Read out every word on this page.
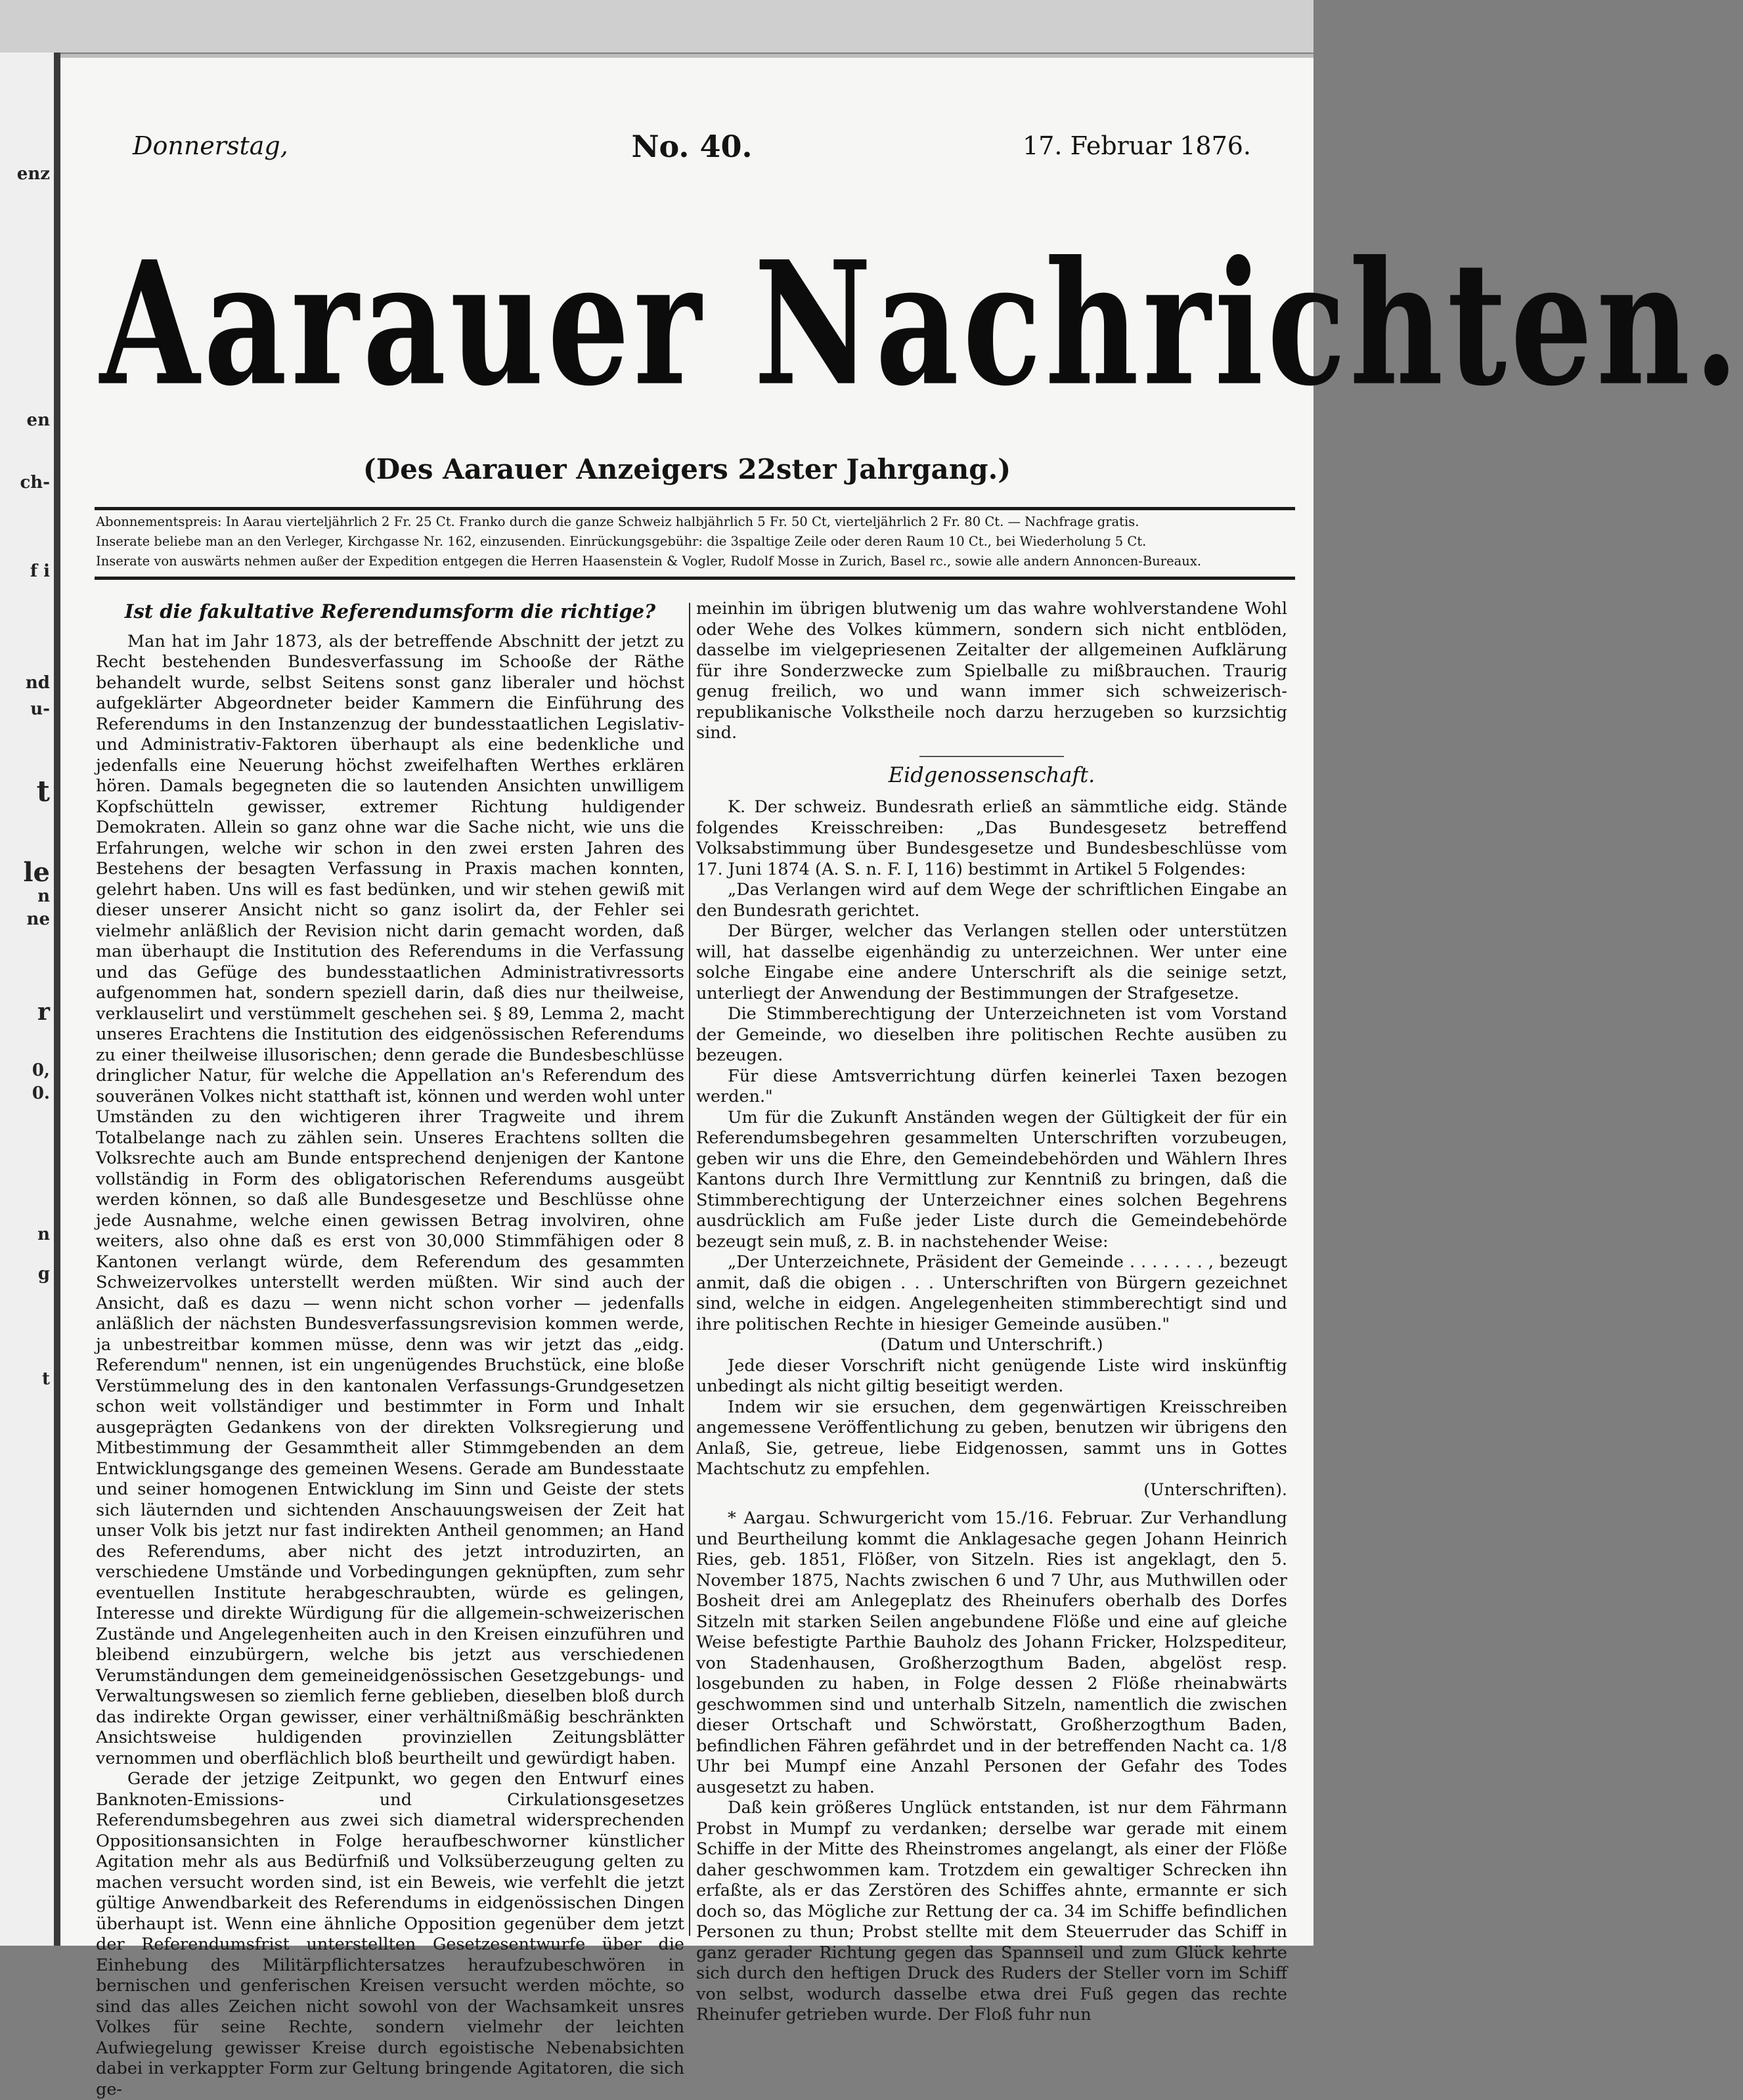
enz
en
ch-
f i
nd
u-
t
le
n
ne
r
0,
0.
n
g
t
Donnerstag,	No. 40.	17. Februar 1876.
Aarauer Nachrichten.
(Des Aarauer Anzeigers 22ster Jahrgang.)
Abonnementspreis: In Aarau vierteljährlich 2 Fr. 25 Ct. Franko durch die ganze Schweiz halbjährlich 5 Fr. 50 Ct, vierteljährlich 2 Fr. 80 Ct. — Nachfrage gratis.
Inserate beliebe man an den Verleger, Kirchgasse Nr. 162, einzusenden. Einrückungsgebühr: die 3spaltige Zeile oder deren Raum 10 Ct., bei Wiederholung 5 Ct.
Inserate von auswärts nehmen außer der Expedition entgegen die Herren Haasenstein & Vogler, Rudolf Mosse in Zurich, Basel rc., sowie alle andern Annoncen-Bureaux.
Ist die fakultative Referendumsform die richtige?

Man hat im Jahr 1873, als der betreffende Abschnitt der jetzt zu Recht bestehenden Bundesverfassung im Schooße der Räthe behandelt wurde, selbst Seitens sonst ganz liberaler und höchst aufgeklärter Abgeordneter beider Kammern die Einführung des Referendums in den Instanzenzug der bundesstaatlichen Legislativ- und Administrativ-Faktoren überhaupt als eine bedenkliche und jedenfalls eine Neuerung höchst zweifelhaften Werthes erklären hören. Damals begegneten die so lautenden Ansichten unwilligem Kopfschütteln gewisser, extremer Richtung huldigender Demokraten. Allein so ganz ohne war die Sache nicht, wie uns die Erfahrungen, welche wir schon in den zwei ersten Jahren des Bestehens der besagten Verfassung in Praxis machen konnten, gelehrt haben. Uns will es fast bedünken, und wir stehen gewiß mit dieser unserer Ansicht nicht so ganz isolirt da, der Fehler sei vielmehr anläßlich der Revision nicht darin gemacht worden, daß man überhaupt die Institution des Referendums in die Verfassung und das Gefüge des bundesstaatlichen Administrativressorts aufgenommen hat, sondern speziell darin, daß dies nur theilweise, verklauselirt und verstümmelt geschehen sei. § 89, Lemma 2, macht unseres Erachtens die Institution des eidgenössischen Referendums zu einer theilweise illusorischen; denn gerade die Bundesbeschlüsse dringlicher Natur, für welche die Appellation an's Referendum des souveränen Volkes nicht statthaft ist, können und werden wohl unter Umständen zu den wichtigeren ihrer Tragweite und ihrem Totalbelange nach zu zählen sein. Unseres Erachtens sollten die Volksrechte auch am Bunde entsprechend denjenigen der Kantone vollständig in Form des obligatorischen Referendums ausgeübt werden können, so daß alle Bundesgesetze und Beschlüsse ohne jede Ausnahme, welche einen gewissen Betrag involviren, ohne weiters, also ohne daß es erst von 30,000 Stimmfähigen oder 8 Kantonen verlangt würde, dem Referendum des gesammten Schweizervolkes unterstellt werden müßten. Wir sind auch der Ansicht, daß es dazu — wenn nicht schon vorher — jedenfalls anläßlich der nächsten Bundesverfassungsrevision kommen werde, ja unbestreitbar kommen müsse, denn was wir jetzt das „eidg. Referendum" nennen, ist ein ungenügendes Bruchstück, eine bloße Verstümmelung des in den kantonalen Verfassungs-Grundgesetzen schon weit vollständiger und bestimmter in Form und Inhalt ausgeprägten Gedankens von der direkten Volksregierung und Mitbestimmung der Gesammtheit aller Stimmgebenden an dem Entwicklungsgange des gemeinen Wesens. Gerade am Bundesstaate und seiner homogenen Entwicklung im Sinn und Geiste der stets sich läuternden und sichtenden Anschauungsweisen der Zeit hat unser Volk bis jetzt nur fast indirekten Antheil genommen; an Hand des Referendums, aber nicht des jetzt introduzirten, an verschiedene Umstände und Vorbedingungen geknüpften, zum sehr eventuellen Institute herabgeschraubten, würde es gelingen, Interesse und direkte Würdigung für die allgemein-schweizerischen Zustände und Angelegenheiten auch in den Kreisen einzuführen und bleibend einzubürgern, welche bis jetzt aus verschiedenen Verumständungen dem gemeineidgenössischen Gesetzgebungs- und Verwaltungswesen so ziemlich ferne geblieben, dieselben bloß durch das indirekte Organ gewisser, einer verhältnißmäßig beschränkten Ansichtsweise huldigenden provinziellen Zeitungsblätter vernommen und oberflächlich bloß beurtheilt und gewürdigt haben.

Gerade der jetzige Zeitpunkt, wo gegen den Entwurf eines Banknoten-Emissions- und Cirkulationsgesetzes Referendumsbegehren aus zwei sich diametral widersprechenden Oppositionsansichten in Folge heraufbeschworner künstlicher Agitation mehr als aus Bedürfniß und Volksüberzeugung gelten zu machen versucht worden sind, ist ein Beweis, wie verfehlt die jetzt gültige Anwendbarkeit des Referendums in eidgenössischen Dingen überhaupt ist. Wenn eine ähnliche Opposition gegenüber dem jetzt der Referendumsfrist unterstellten Gesetzesentwurfe über die Einhebung des Militärpflichtersatzes heraufzubeschwören in bernischen und genferischen Kreisen versucht werden möchte, so sind das alles Zeichen nicht sowohl von der Wachsamkeit unsres Volkes für seine Rechte, sondern vielmehr der leichten Aufwiegelung gewisser Kreise durch egoistische Nebenabsichten dabei in verkappter Form zur Geltung bringende Agitatoren, die sich ge-

meinhin im übrigen blutwenig um das wahre wohlverstandene Wohl oder Wehe des Volkes kümmern, sondern sich nicht entblöden, dasselbe im vielgepriesenen Zeitalter der allgemeinen Aufklärung für ihre Sonderzwecke zum Spielballe zu mißbrauchen. Traurig genug freilich, wo und wann immer sich schweizerisch-republikanische Volkstheile noch darzu herzugeben so kurzsichtig sind.

Eidgenossenschaft.

K. Der schweiz. Bundesrath erließ an sämmtliche eidg. Stände folgendes Kreisschreiben: „Das Bundesgesetz betreffend Volksabstimmung über Bundesgesetze und Bundesbeschlüsse vom 17. Juni 1874 (A. S. n. F. I, 116) bestimmt in Artikel 5 Folgendes:

„Das Verlangen wird auf dem Wege der schriftlichen Eingabe an den Bundesrath gerichtet.

Der Bürger, welcher das Verlangen stellen oder unterstützen will, hat dasselbe eigenhändig zu unterzeichnen. Wer unter eine solche Eingabe eine andere Unterschrift als die seinige setzt, unterliegt der Anwendung der Bestimmungen der Strafgesetze.

Die Stimmberechtigung der Unterzeichneten ist vom Vorstand der Gemeinde, wo dieselben ihre politischen Rechte ausüben zu bezeugen.

Für diese Amtsverrichtung dürfen keinerlei Taxen bezogen werden."

Um für die Zukunft Anständen wegen der Gültigkeit der für ein Referendumsbegehren gesammelten Unterschriften vorzubeugen, geben wir uns die Ehre, den Gemeindebehörden und Wählern Ihres Kantons durch Ihre Vermittlung zur Kenntniß zu bringen, daß die Stimmberechtigung der Unterzeichner eines solchen Begehrens ausdrücklich am Fuße jeder Liste durch die Gemeindebehörde bezeugt sein muß, z. B. in nachstehender Weise:

„Der Unterzeichnete, Präsident der Gemeinde . . . . . . . , bezeugt anmit, daß die obigen . . . Unterschriften von Bürgern gezeichnet sind, welche in eidgen. Angelegenheiten stimmberechtigt sind und ihre politischen Rechte in hiesiger Gemeinde ausüben."

(Datum und Unterschrift.)

Jede dieser Vorschrift nicht genügende Liste wird inskünftig unbedingt als nicht giltig beseitigt werden.

Indem wir sie ersuchen, dem gegenwärtigen Kreisschreiben angemessene Veröffentlichung zu geben, benutzen wir übrigens den Anlaß, Sie, getreue, liebe Eidgenossen, sammt uns in Gottes Machtschutz zu empfehlen.

(Unterschriften).

* Aargau. Schwurgericht vom 15./16. Februar. Zur Verhandlung und Beurtheilung kommt die Anklagesache gegen Johann Heinrich Ries, geb. 1851, Flößer, von Sitzeln. Ries ist angeklagt, den 5. November 1875, Nachts zwischen 6 und 7 Uhr, aus Muthwillen oder Bosheit drei am Anlegeplatz des Rheinufers oberhalb des Dorfes Sitzeln mit starken Seilen angebundene Flöße und eine auf gleiche Weise befestigte Parthie Bauholz des Johann Fricker, Holzspediteur, von Stadenhausen, Großherzogthum Baden, abgelöst resp. losgebunden zu haben, in Folge dessen 2 Flöße rheinabwärts geschwommen sind und unterhalb Sitzeln, namentlich die zwischen dieser Ortschaft und Schwörstatt, Großherzogthum Baden, befindlichen Fähren gefährdet und in der betreffenden Nacht ca. 1/8 Uhr bei Mumpf eine Anzahl Personen der Gefahr des Todes ausgesetzt zu haben.

Daß kein größeres Unglück entstanden, ist nur dem Fährmann Probst in Mumpf zu verdanken; derselbe war gerade mit einem Schiffe in der Mitte des Rheinstromes angelangt, als einer der Flöße daher geschwommen kam. Trotzdem ein gewaltiger Schrecken ihn erfaßte, als er das Zerstören des Schiffes ahnte, ermannte er sich doch so, das Mögliche zur Rettung der ca. 34 im Schiffe befindlichen Personen zu thun; Probst stellte mit dem Steuerruder das Schiff in ganz gerader Richtung gegen das Spannseil und zum Glück kehrte sich durch den heftigen Druck des Ruders der Steller vorn im Schiff von selbst, wodurch dasselbe etwa drei Fuß gegen das rechte Rheinufer getrieben wurde. Der Floß fuhr nun
